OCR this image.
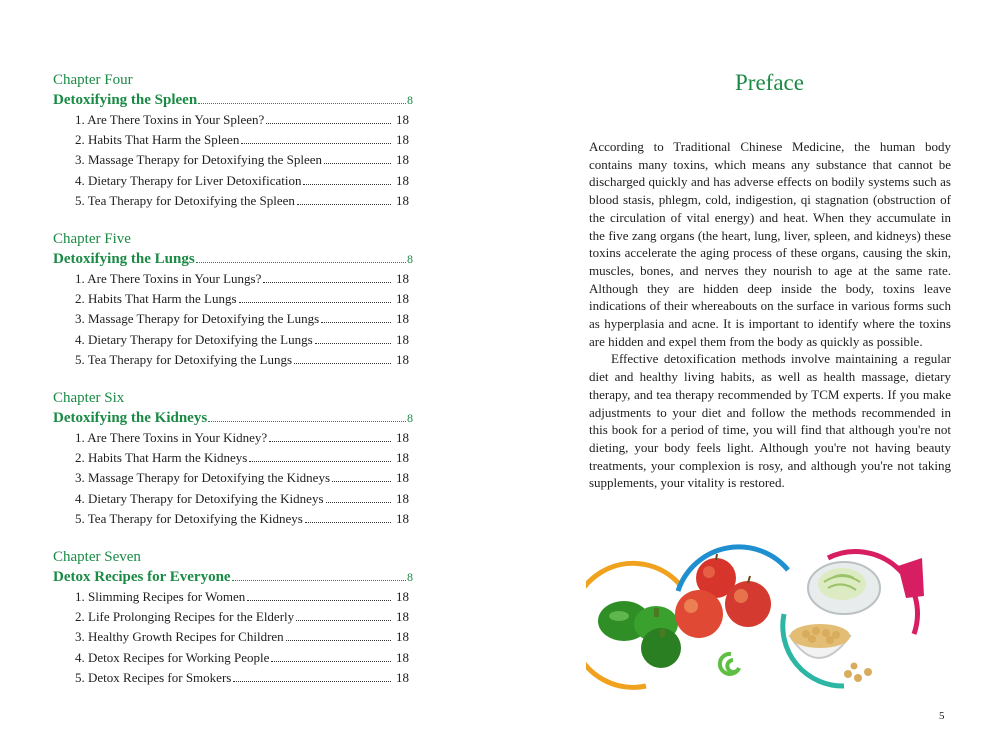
Chapter Four
Detoxifying the Spleen	8
1. Are There Toxins in Your Spleen?	18
2. Habits That Harm the Spleen	18
3. Massage Therapy for Detoxifying the Spleen	18
4. Dietary Therapy for Liver Detoxification	18
5. Tea Therapy for Detoxifying the Spleen	18
Chapter Five
Detoxifying the Lungs	8
1. Are There Toxins in Your Lungs?	18
2. Habits That Harm the Lungs	18
3. Massage Therapy for Detoxifying the Lungs	18
4. Dietary Therapy for Detoxifying the Lungs	18
5. Tea Therapy for Detoxifying the Lungs	18
Chapter Six
Detoxifying the Kidneys	8
1. Are There Toxins in Your Kidney?	18
2. Habits That Harm the Kidneys	18
3. Massage Therapy for Detoxifying the Kidneys	18
4. Dietary Therapy for Detoxifying the Kidneys	18
5. Tea Therapy for Detoxifying the Kidneys	18
Chapter Seven
Detox Recipes for Everyone	8
1. Slimming Recipes for Women	18
2. Life Prolonging Recipes for the Elderly	18
3. Healthy Growth Recipes for Children	18
4. Detox Recipes for Working People	18
5. Detox Recipes for Smokers	18
Preface

According to Traditional Chinese Medicine, the human body contains many toxins, which means any substance that cannot be discharged quickly and has adverse effects on bodily systems such as blood stasis, phlegm, cold, indigestion, qi stagnation (obstruction of the circulation of vital energy) and heat. When they accumulate in the five zang organs (the heart, lung, liver, spleen, and kidneys) these toxins accelerate the aging process of these organs, causing the skin, muscles, bones, and nerves they nourish to age at the same rate. Although they are hidden deep inside the body, toxins leave indications of their whereabouts on the surface in various forms such as hyperplasia and acne. It is important to identify where the toxins are hidden and expel them from the body as quickly as possible.

Effective detoxification methods involve maintaining a regular diet and healthy living habits, as well as health massage, dietary therapy, and tea therapy recommended by TCM experts. If you make adjustments to your diet and follow the methods recommended in this book for a period of time, you will find that although you're not dieting, your body feels light. Although you're not having beauty treatments, your complexion is rosy, and although you're not taking supplements, your vitality is restored.

5
